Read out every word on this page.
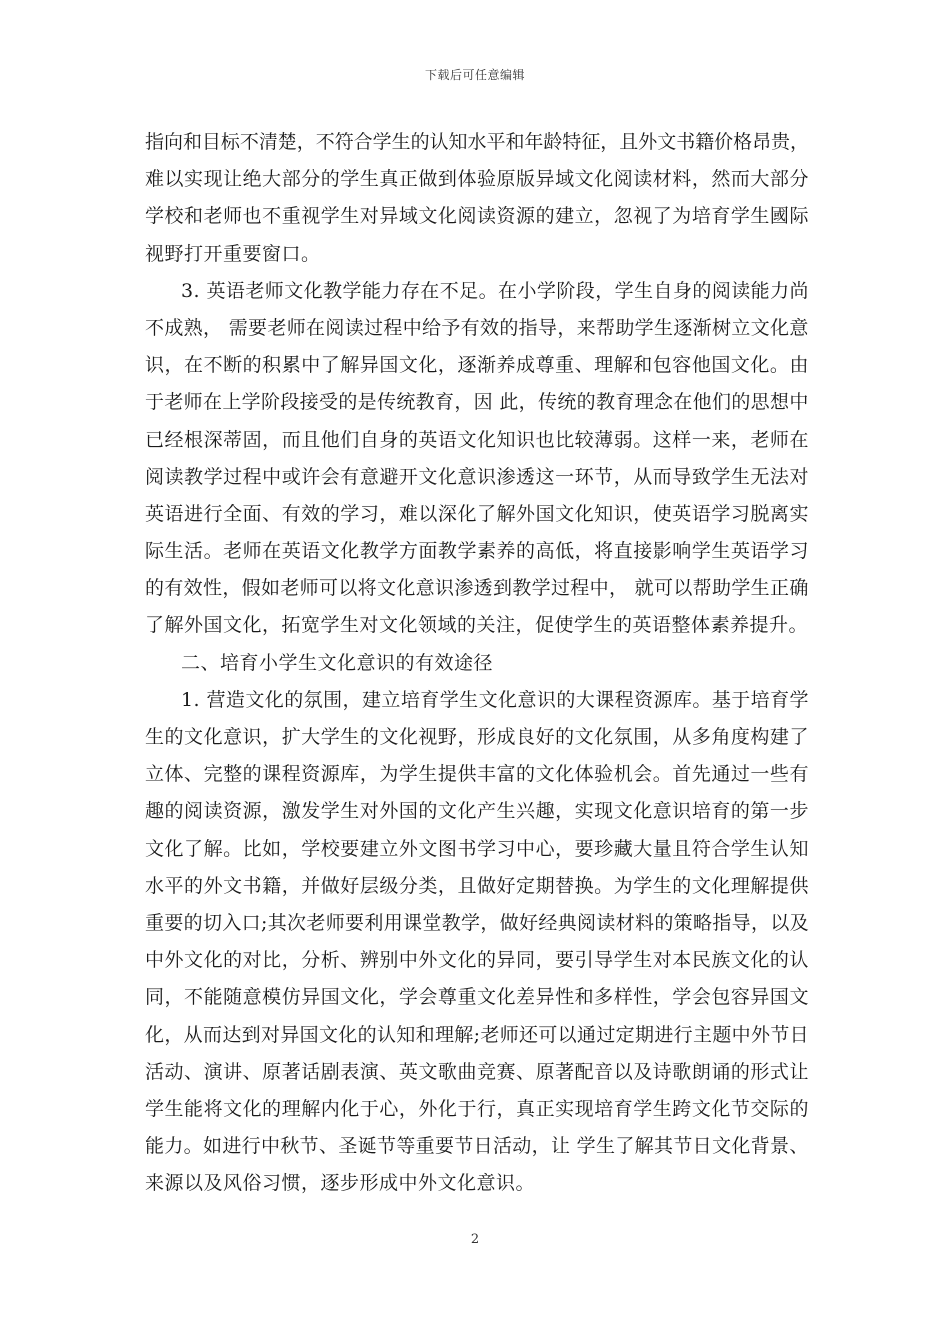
下载后可任意编辑
指向和目标不清楚，不符合学生的认知水平和年龄特征，且外文书籍价格昂贵，
难以实现让绝大部分的学生真正做到体验原版异域文化阅读材料，然而大部分
学校和老师也不重视学生对异域文化阅读资源的建立，忽视了为培育学生國际
视野打开重要窗口。
3. 英语老师文化教学能力存在不足。在小学阶段，学生自身的阅读能力尚
不成熟， 需要老师在阅读过程中给予有效的指导，来帮助学生逐渐树立文化意
识，在不断的积累中了解异国文化，逐渐养成尊重、理解和包容他国文化。由
于老师在上学阶段接受的是传统教育，因 此，传统的教育理念在他们的思想中
已经根深蒂固，而且他们自身的英语文化知识也比较薄弱。这样一来，老师在
阅读教学过程中或许会有意避开文化意识渗透这一环节，从而导致学生无法对
英语进行全面、有效的学习，难以深化了解外国文化知识，使英语学习脱离实
际生活。老师在英语文化教学方面教学素养的高低，将直接影响学生英语学习
的有效性，假如老师可以将文化意识渗透到教学过程中， 就可以帮助学生正确
了解外国文化，拓宽学生对文化领域的关注，促使学生的英语整体素养提升。
二、培育小学生文化意识的有效途径
1. 营造文化的氛围，建立培育学生文化意识的大课程资源库。基于培育学
生的文化意识，扩大学生的文化视野，形成良好的文化氛围，从多角度构建了
立体、完整的课程资源库，为学生提供丰富的文化体验机会。首先通过一些有
趣的阅读资源，激发学生对外国的文化产生兴趣，实现文化意识培育的第一步
文化了解。比如，学校要建立外文图书学习中心，要珍藏大量且符合学生认知
水平的外文书籍，并做好层级分类，且做好定期替换。为学生的文化理解提供
重要的切入口;其次老师要利用课堂教学，做好经典阅读材料的策略指导，以及
中外文化的对比，分析、辨别中外文化的异同，要引导学生对本民族文化的认
同，不能随意模仿异国文化，学会尊重文化差异性和多样性，学会包容异国文
化，从而达到对异国文化的认知和理解;老师还可以通过定期进行主题中外节日
活动、演讲、原著话剧表演、英文歌曲竞赛、原著配音以及诗歌朗诵的形式让
学生能将文化的理解内化于心，外化于行，真正实现培育学生跨文化节交际的
能力。如进行中秋节、圣诞节等重要节日活动，让 学生了解其节日文化背景、
来源以及风俗习惯，逐步形成中外文化意识。
2
